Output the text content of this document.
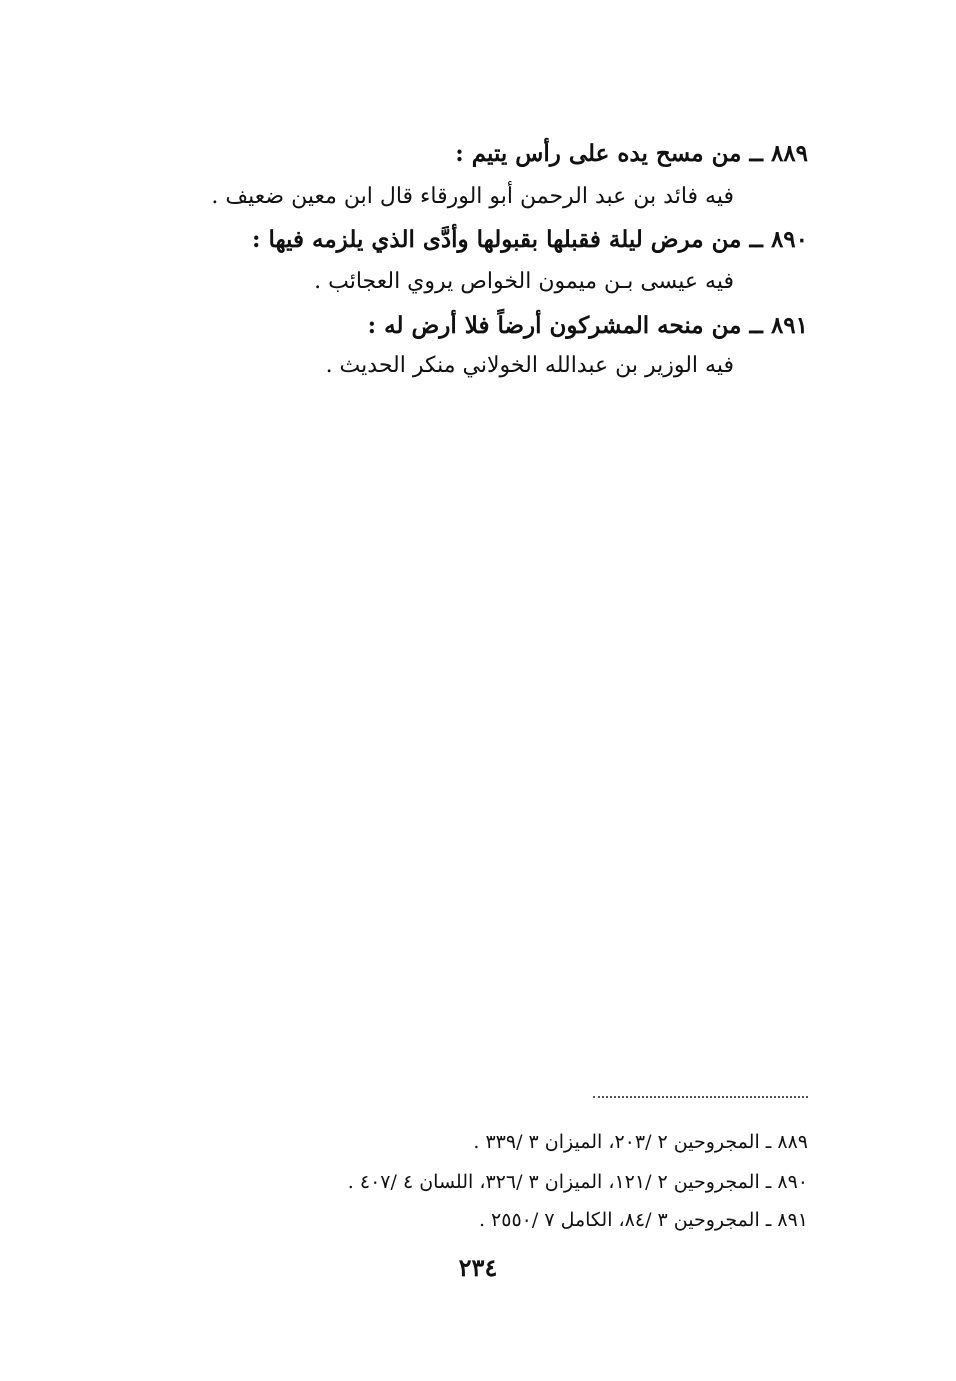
٨٨٩ ــ من مسح يده على رأس يتيم :
فيه فائد بن عبد الرحمن أبو الورقاء قال ابن معين ضعيف .
٨٩٠ ــ من مرض ليلة فقبلها بقبولها وأدَّى الذي يلزمه فيها :
فيه عيسى بـن ميمون الخواص يروي العجائب .
٨٩١ ــ من منحه المشركون أرضاً فلا أرض له :
فيه الوزير بن عبدالله الخولاني منكر الحديث .
٨٨٩ ـ المجروحين ٢ /٢٠٣، الميزان ٣ /٣٣٩ .
٨٩٠ ـ المجروحين ٢ /١٢١، الميزان ٣ /٣٢٦، اللسان ٤ /٤٠٧ .
٨٩١ ـ المجروحين ٣ /٨٤، الكامل ٧ /٢٥٥٠ .
٢٣٤
